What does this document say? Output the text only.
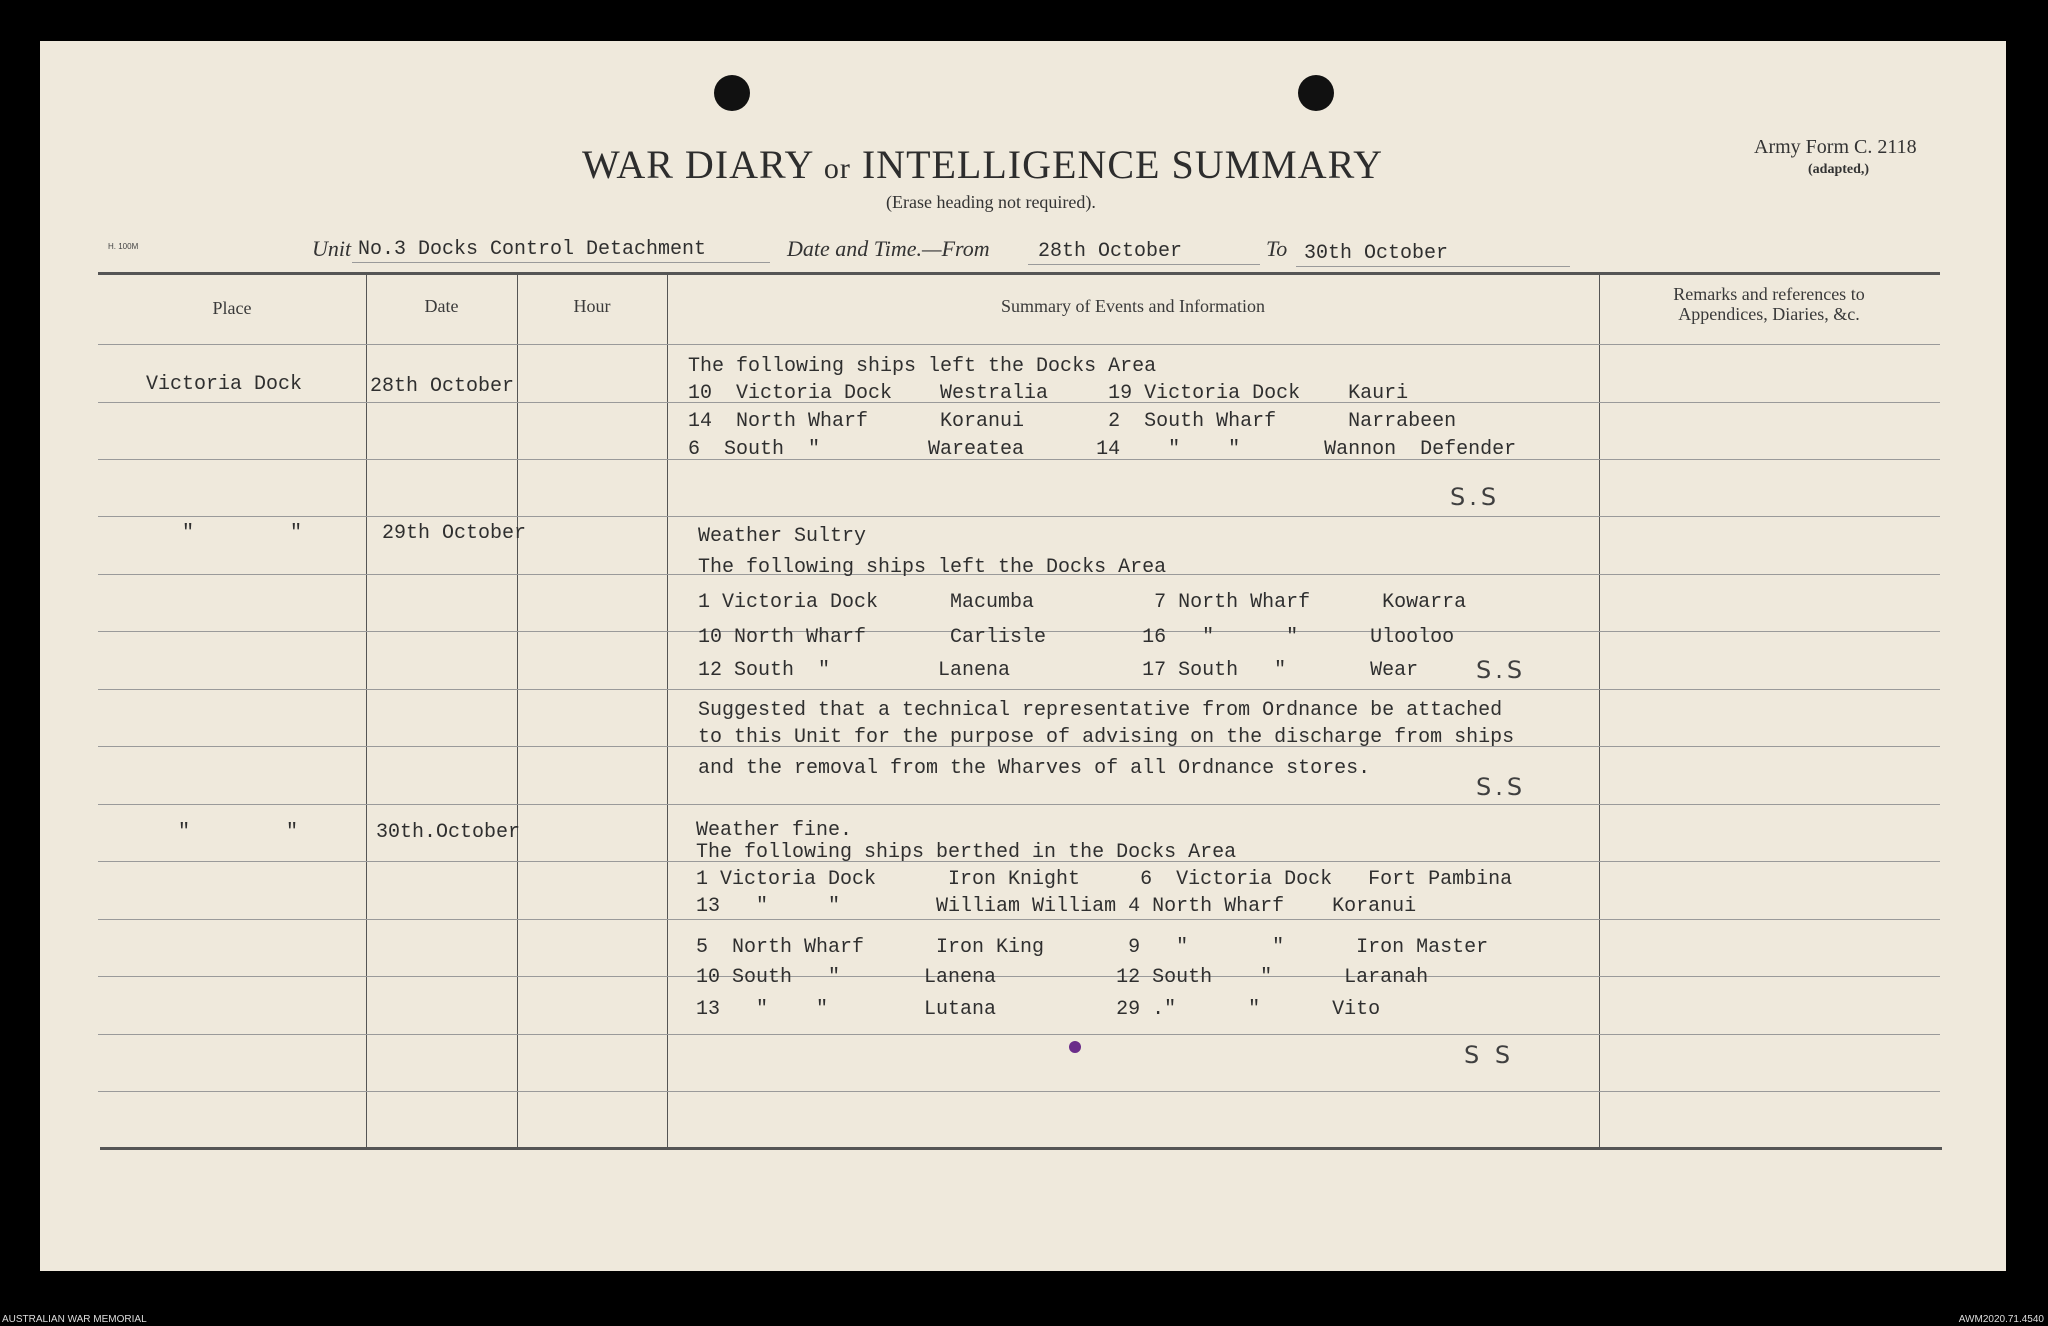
WAR DIARY or INTELLIGENCE SUMMARY
(Erase heading not required).
Army Form C. 2118
(adapted,)
H. 100M	Unit No.3 Docks Control Detachment	Date and Time.—From 28th October	To 30th October
Place	Date	Hour	Summary of Events and Information
Remarks and references to
Appendices, Diaries, &c.
Victoria Dock	28th October
The following ships left the Docks Area
10  Victoria Dock    Westralia     19 Victoria Dock    Kauri
14  North Wharf      Koranui       2  South Wharf      Narrabeen
6  South  "         Wareatea      14    "    "       Wannon  Defender
S.S
"        "	29th October	Weather Sultry
The following ships left the Docks Area
1 Victoria Dock      Macumba          7 North Wharf      Kowarra
10 North Wharf       Carlisle        16   "      "      Ulooloo
12 South  "         Lanena           17 South   "       Wear S.S
Suggested that a technical representative from Ordnance be attached
to this Unit for the purpose of advising on the discharge from ships
and the removal from the Wharves of all Ordnance stores.
S.S
"        "	30th.October	Weather fine.
The following ships berthed in the Docks Area
1 Victoria Dock      Iron Knight     6  Victoria Dock   Fort Pambina
13   "     "        William William 4 North Wharf    Koranui
5  North Wharf      Iron King       9   "       "      Iron Master
10 South   "       Lanena          12 South    "      Laranah
13   "    "        Lutana          29 ."      "      Vito
S S
AUSTRALIAN WAR MEMORIAL	AWM2020.71.4540
